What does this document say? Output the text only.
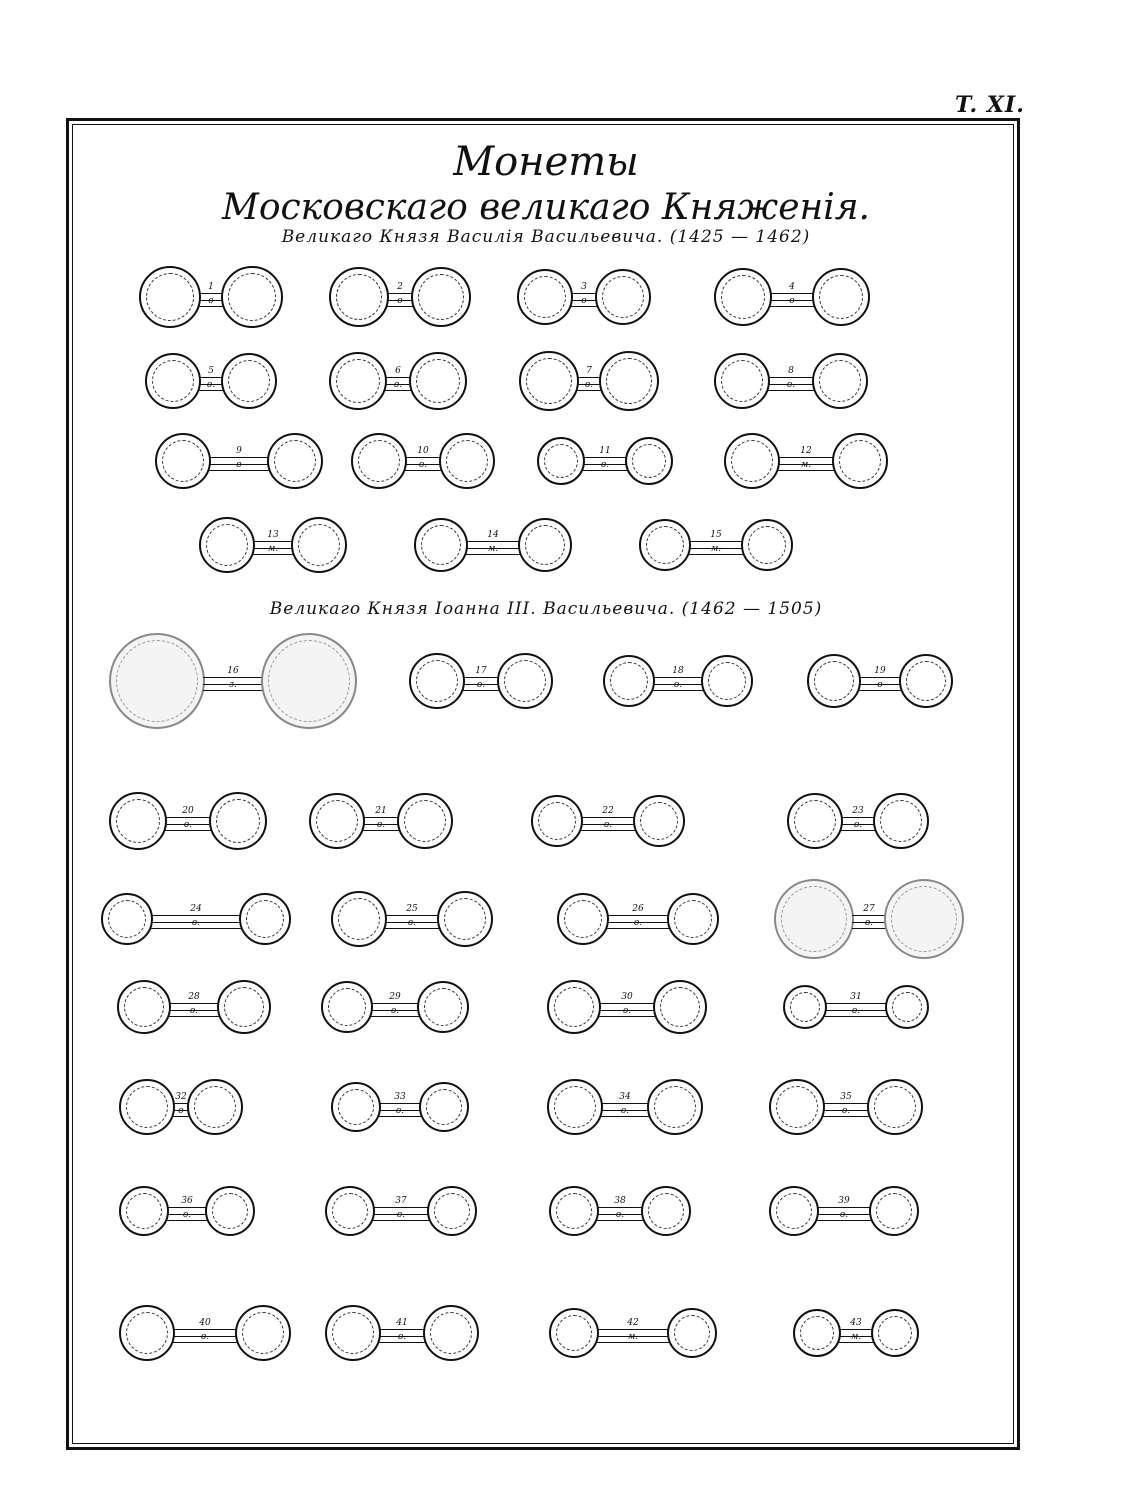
T. XI.
Монеты
Московскаго великаго Княженія.
Великаго Князя Василія Васильевича. (1425 — 1462)
Великаго Князя Іоанна III. Васильевича. (1462 — 1505)
1
о
2
о
3
о
4
о
5
о.
6
о.
7
о.
8
о.
9
о
10
о.
11
о.
12
м.
13
м.
14
м.
15
м.
16
з.
17
о.
18
о.
19
о
20
о.
21
о.
22
о.
23
о.
24
о.
25
о.
26
о.
27
о.
28
о.
29
о.
30
о.
31
о.
32
о
33
о.
34
о.
35
о.
36
о.
37
о.
38
о.
39
о.
40
о.
41
о.
42
м.
43
м.
